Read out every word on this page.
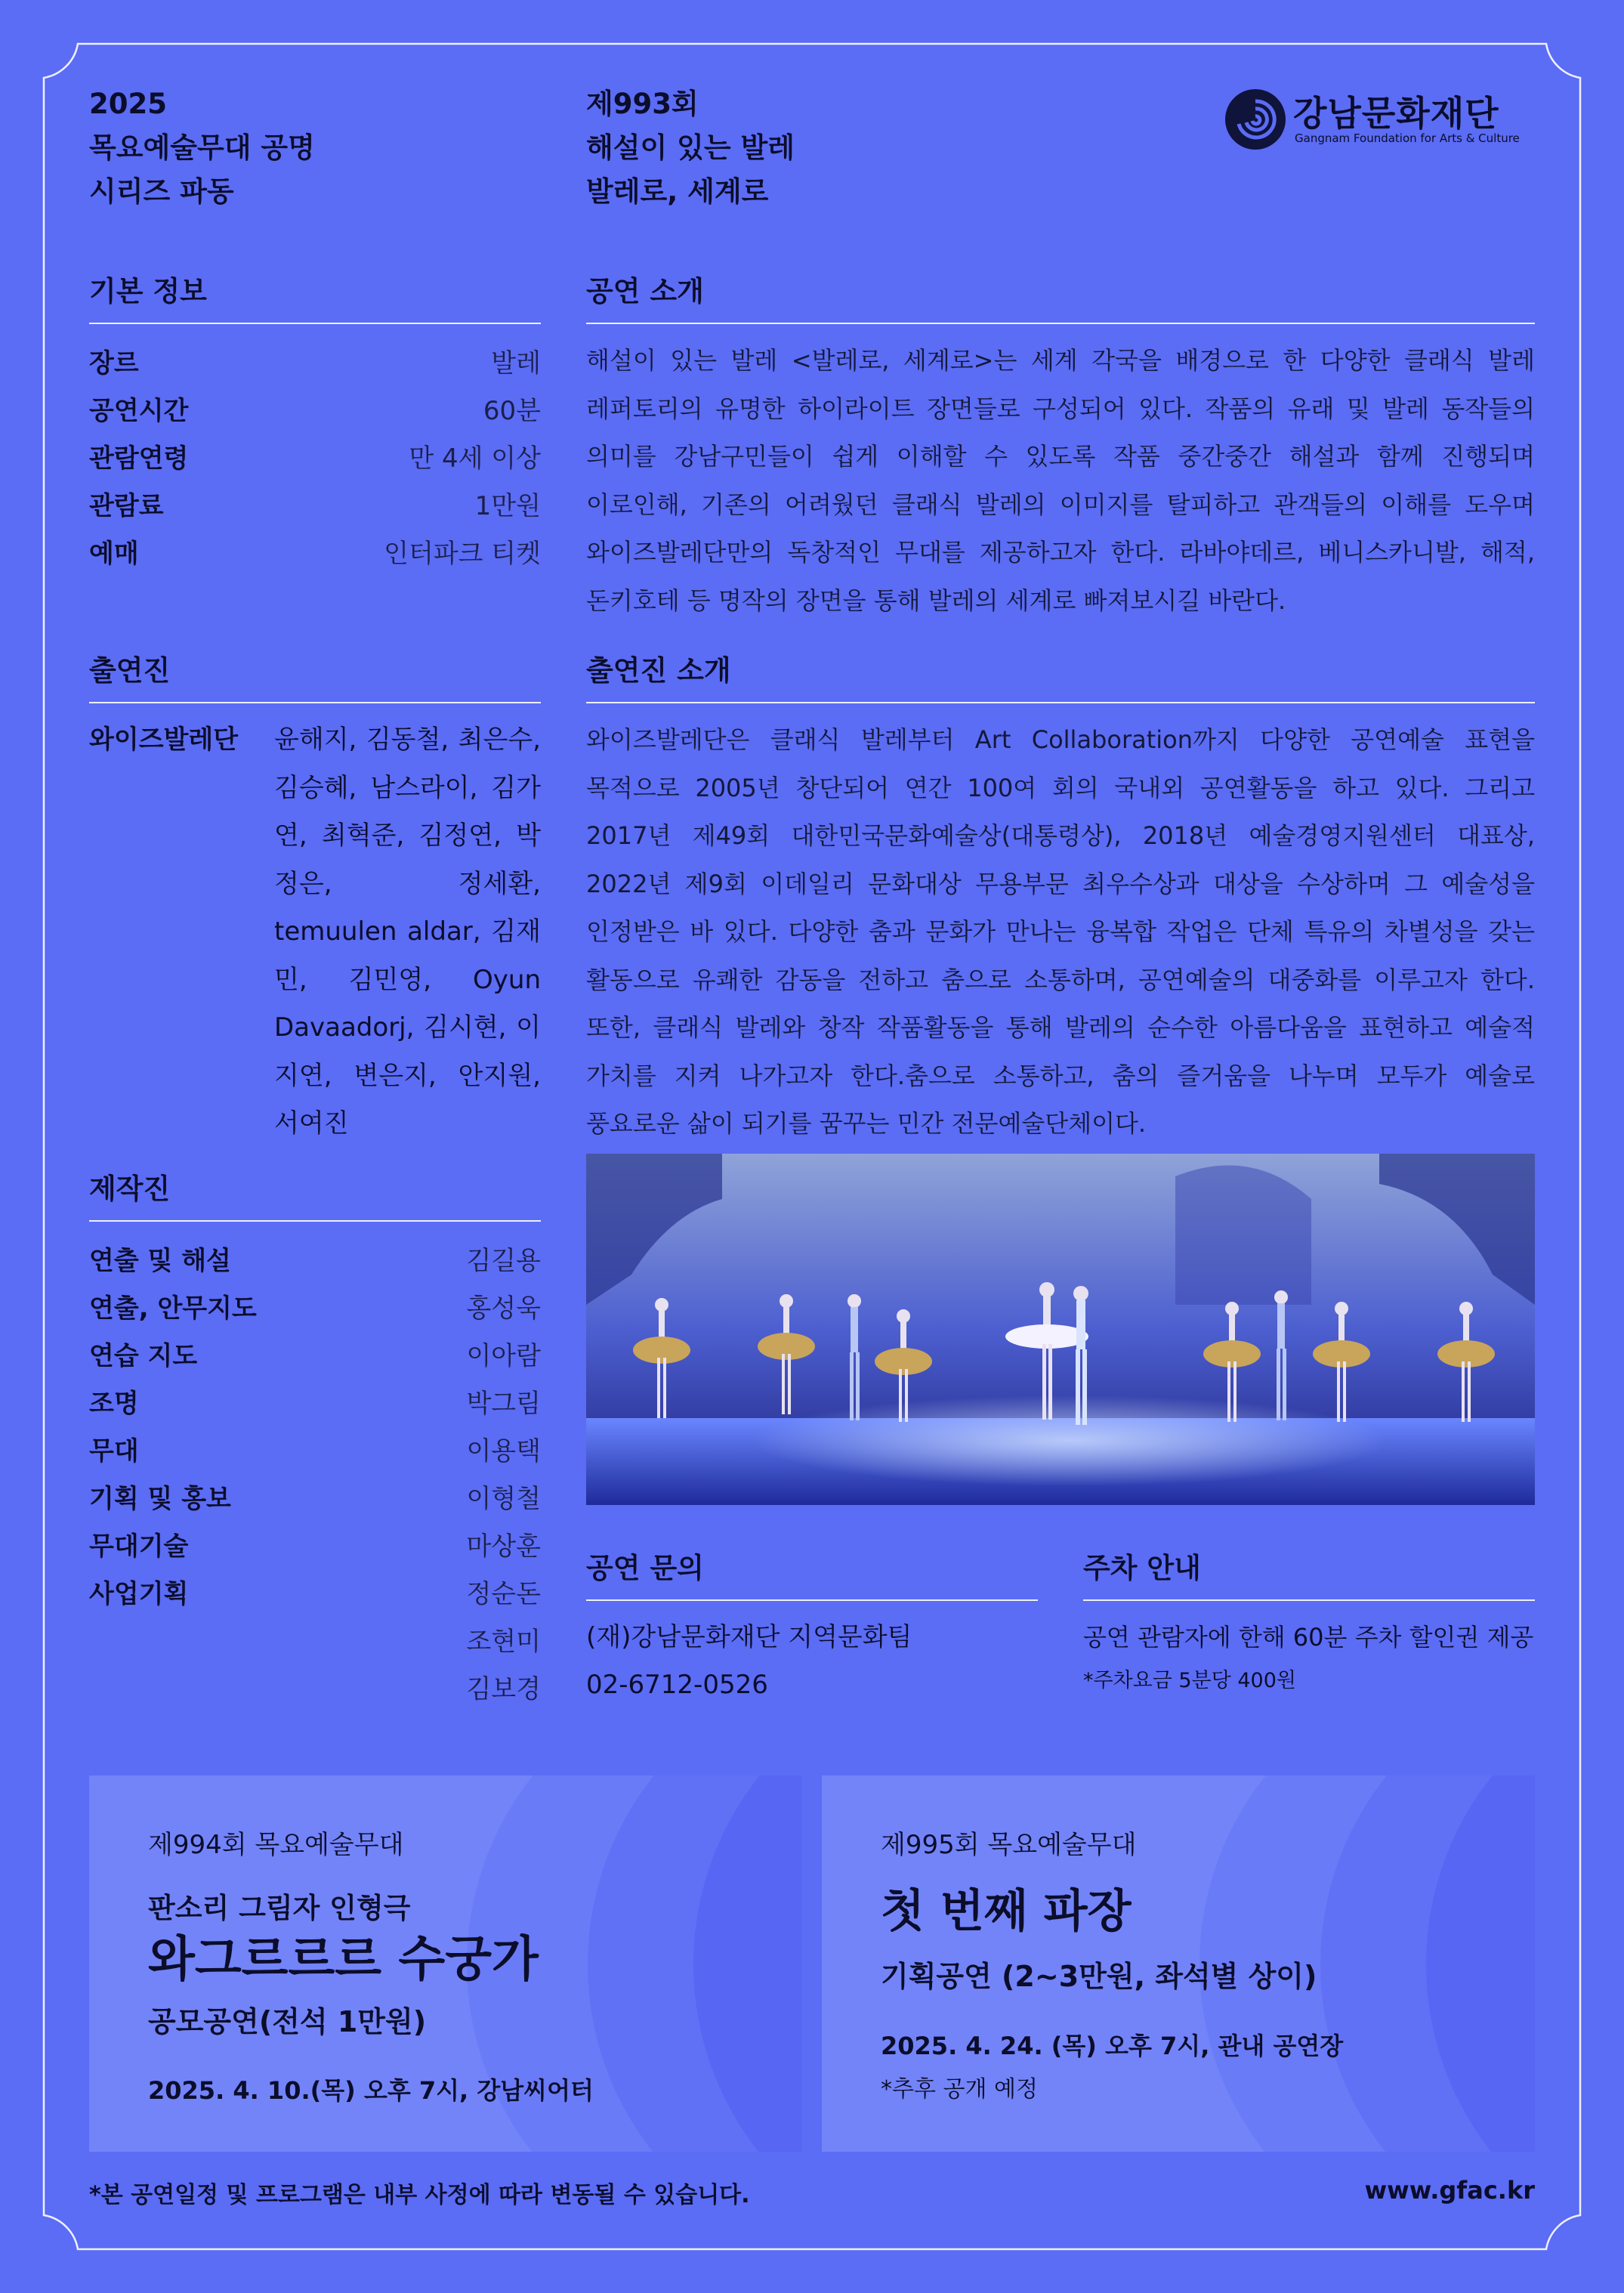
2025
목요예술무대 공명
시리즈 파동
제993회
해설이 있는 발레
발레로, 세계로
강남문화재단
Gangnam Foundation for Arts & Culture
기본 정보
장르	발레
공연시간	60분
관람연령	만 4세 이상
관람료	1만원
예매	인터파크 티켓
공연 소개
해설이 있는 발레 <발레로, 세계로>는 세계 각국을 배경으로 한 다양한 클래식 발레 레퍼토리의 유명한 하이라이트 장면들로 구성되어 있다. 작품의 유래 및 발레 동작들의 의미를 강남구민들이 쉽게 이해할 수 있도록 작품 중간중간 해설과 함께 진행되며 이로인해, 기존의 어려웠던 클래식 발레의 이미지를 탈피하고 관객들의 이해를 도우며 와이즈발레단만의 독창적인 무대를 제공하고자 한다. 라바야데르, 베니스카니발, 해적, 돈키호테 등 명작의 장면을 통해 발레의 세계로 빠져보시길 바란다.
출연진
와이즈발레단	윤해지, 김동철, 최은수, 김승혜, 남스라이, 김가연, 최혁준, 김정연, 박정은, 정세환, temuulen aldar, 김재민, 김민영, Oyun Davaadorj, 김시현, 이지연, 변은지, 안지원, 서여진
출연진 소개
와이즈발레단은 클래식 발레부터 Art Collaboration까지 다양한 공연예술 표현을 목적으로 2005년 창단되어 연간 100여 회의 국내외 공연활동을 하고 있다. 그리고 2017년 제49회 대한민국문화예술상(대통령상), 2018년 예술경영지원센터 대표상, 2022년 제9회 이데일리 문화대상 무용부문 최우수상과 대상을 수상하며 그 예술성을 인정받은 바 있다. 다양한 춤과 문화가 만나는 융복합 작업은 단체 특유의 차별성을 갖는 활동으로 유쾌한 감동을 전하고 춤으로 소통하며, 공연예술의 대중화를 이루고자 한다. 또한, 클래식 발레와 창작 작품활동을 통해 발레의 순수한 아름다움을 표현하고 예술적 가치를 지켜 나가고자 한다.춤으로 소통하고, 춤의 즐거움을 나누며 모두가 예술로 풍요로운 삶이 되기를 꿈꾸는 민간 전문예술단체이다.
제작진
연출 및 해설	김길용
연출, 안무지도	홍성욱
연습 지도	이아람
조명	박그림
무대	이용택
기획 및 홍보	이형철
무대기술	마상훈
사업기획	정순돈
조현미
김보경
공연 문의
(재)강남문화재단 지역문화팀
02-6712-0526
주차 안내
공연 관람자에 한해 60분 주차 할인권 제공
*주차요금 5분당 400원
제994회 목요예술무대
판소리 그림자 인형극
와그르르르 수궁가
공모공연(전석 1만원)
2025. 4. 10.(목) 오후 7시, 강남씨어터
제995회 목요예술무대
첫 번째 파장
기획공연 (2~3만원, 좌석별 상이)
2025. 4. 24. (목) 오후 7시, 관내 공연장
*추후 공개 예정
*본 공연일정 및 프로그램은 내부 사정에 따라 변동될 수 있습니다.	www.gfac.kr
